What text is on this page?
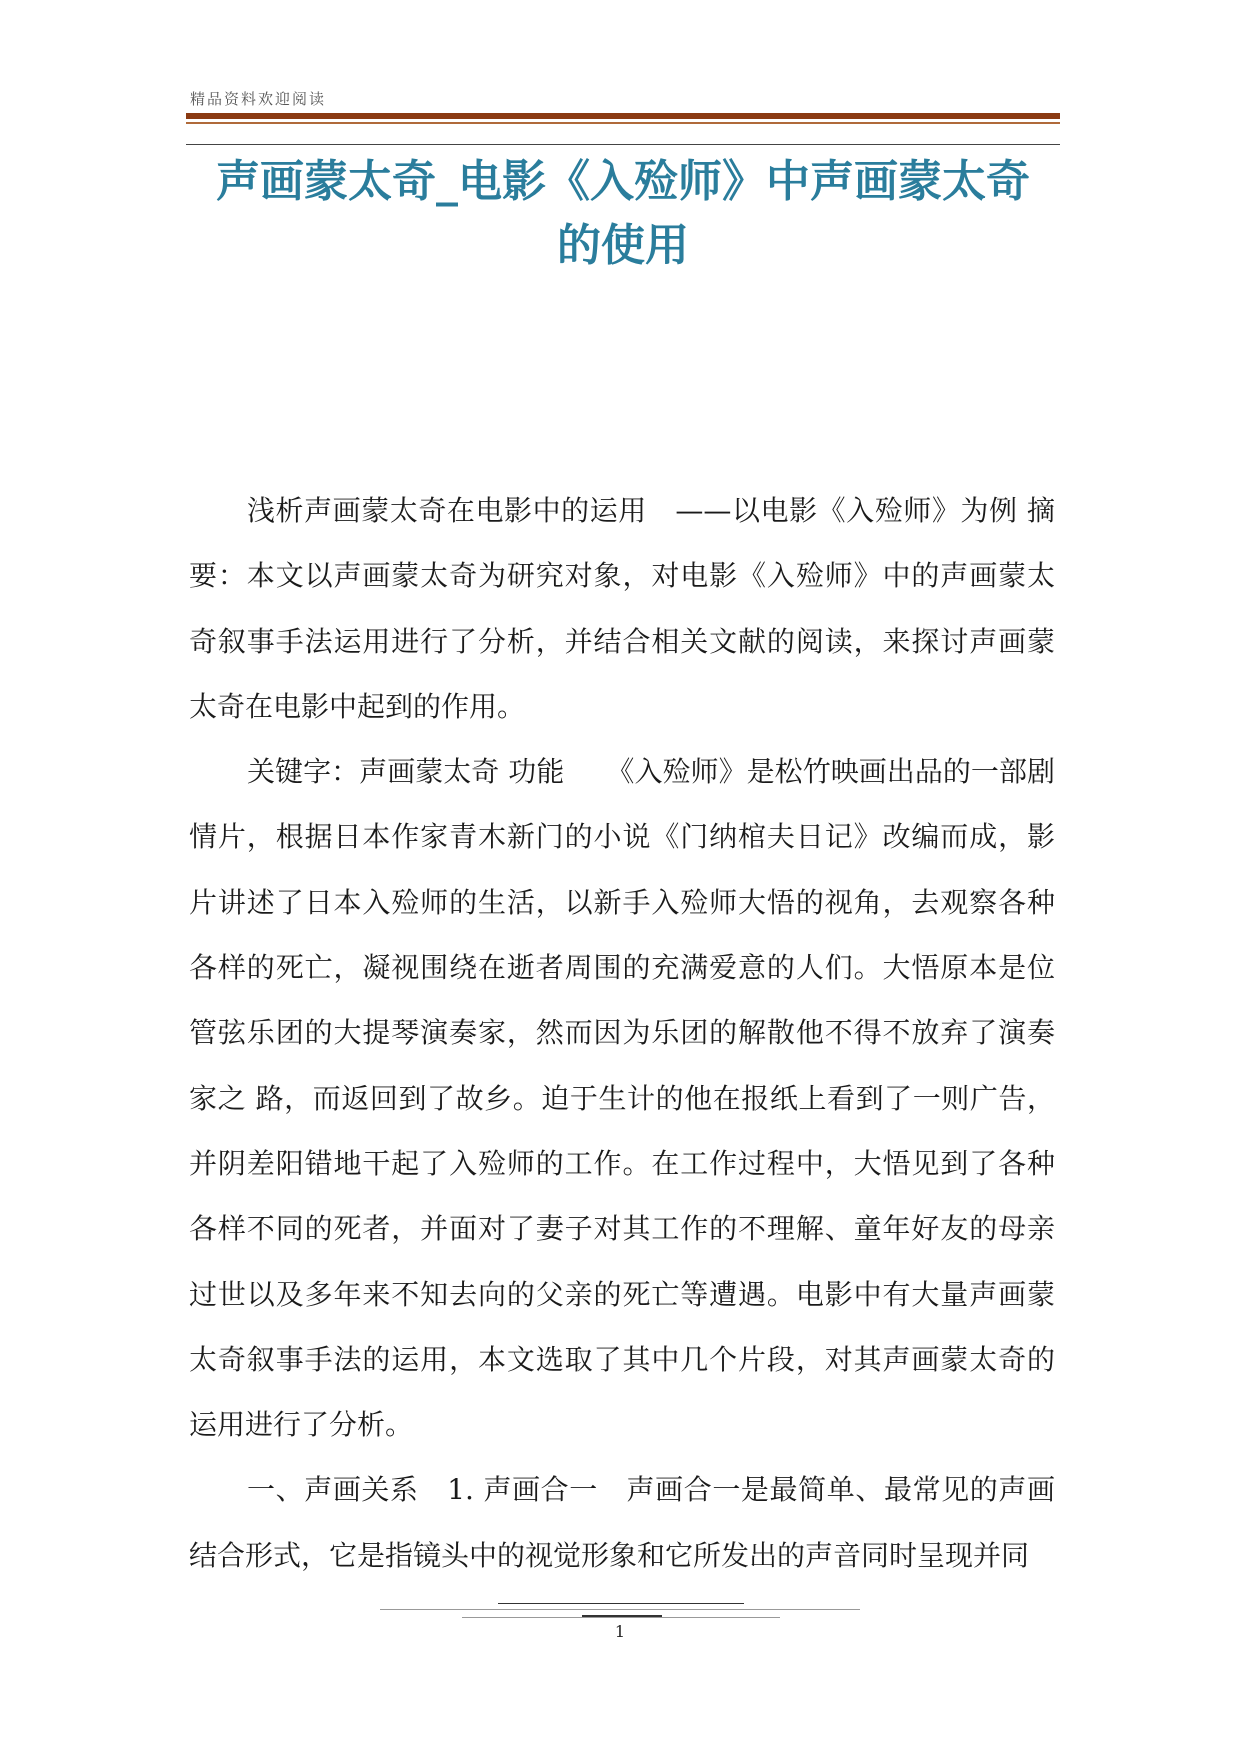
精品资料欢迎阅读
声画蒙太奇_电影《入殓师》中声画蒙太奇
的使用

浅析声画蒙太奇在电影中的运用　——以电影《入殓师》为例 摘要：本文以声画蒙太奇为研究对象，对电影《入殓师》中的声画蒙太奇叙事手法运用进行了分析，并结合相关文献的阅读，来探讨声画蒙太奇在电影中起到的作用。

关键字：声画蒙太奇 功能　　《入殓师》是松竹映画出品的一部剧情片，根据日本作家青木新门的小说《门纳棺夫日记》改编而成，影片讲述了日本入殓师的生活，以新手入殓师大悟的视角，去观察各种各样的死亡，凝视围绕在逝者周围的充满爱意的人们。大悟原本是位管弦乐团的大提琴演奏家，然而因为乐团的解散他不得不放弃了演奏家之 路，而返回到了故乡。迫于生计的他在报纸上看到了一则广告，并阴差阳错地干起了入殓师的工作。在工作过程中，大悟见到了各种各样不同的死者，并面对了妻子对其工作的不理解、童年好友的母亲过世以及多年来不知去向的父亲的死亡等遭遇。电影中有大量声画蒙太奇叙事手法的运用，本文选取了其中几个片段，对其声画蒙太奇的运用进行了分析。

一、声画关系　1. 声画合一　声画合一是最简单、最常见的声画结合形式，它是指镜头中的视觉形象和它所发出的声音同时呈现并同

1
